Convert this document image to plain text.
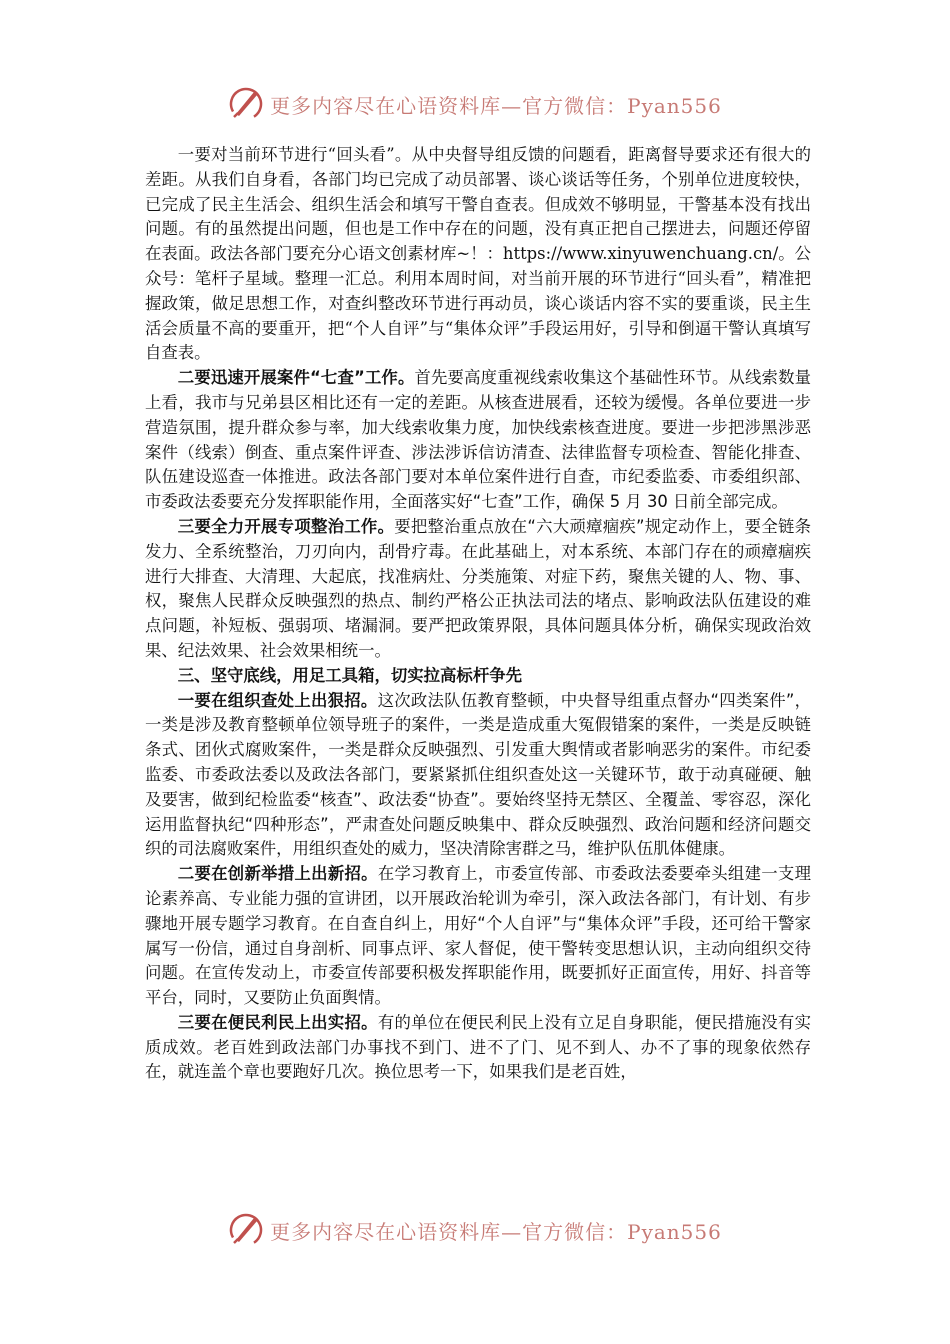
更多内容尽在心语资料库—官方微信：Pyan556

一要对当前环节进行“回头看”。从中央督导组反馈的问题看，距离督导要求还有很大的差距。从我们自身看，各部门均已完成了动员部署、谈心谈话等任务，个别单位进度较快，已完成了民主生活会、组织生活会和填写干警自查表。但成效不够明显，干警基本没有找出问题。有的虽然提出问题，但也是工作中存在的问题，没有真正把自己摆进去，问题还停留在表面。政法各部门要充分心语文创素材库~！：https://www.xinyuwenchuang.cn/。公众号：笔杆子星域。整理一汇总。利用本周时间，对当前开展的环节进行“回头看”，精准把握政策，做足思想工作，对查纠整改环节进行再动员，谈心谈话内容不实的要重谈，民主生活会质量不高的要重开，把“个人自评”与“集体众评”手段运用好，引导和倒逼干警认真填写自查表。

二要迅速开展案件“七查”工作。首先要高度重视线索收集这个基础性环节。从线索数量上看，我市与兄弟县区相比还有一定的差距。从核查进展看，还较为缓慢。各单位要进一步营造氛围，提升群众参与率，加大线索收集力度，加快线索核查进度。要进一步把涉黑涉恶案件（线索）倒查、重点案件评查、涉法涉诉信访清查、法律监督专项检查、智能化排查、队伍建设巡查一体推进。政法各部门要对本单位案件进行自查，市纪委监委、市委组织部、市委政法委要充分发挥职能作用，全面落实好“七查”工作，确保 5 月 30 日前全部完成。

三要全力开展专项整治工作。要把整治重点放在“六大顽瘴痼疾”规定动作上，要全链条发力、全系统整治，刀刃向内，刮骨疗毒。在此基础上，对本系统、本部门存在的顽瘴痼疾进行大排查、大清理、大起底，找准病灶、分类施策、对症下药，聚焦关键的人、物、事、权，聚焦人民群众反映强烈的热点、制约严格公正执法司法的堵点、影响政法队伍建设的难点问题，补短板、强弱项、堵漏洞。要严把政策界限，具体问题具体分析，确保实现政治效果、纪法效果、社会效果相统一。

三、坚守底线，用足工具箱，切实拉高标杆争先

一要在组织查处上出狠招。这次政法队伍教育整顿，中央督导组重点督办“四类案件”，一类是涉及教育整顿单位领导班子的案件，一类是造成重大冤假错案的案件，一类是反映链条式、团伙式腐败案件，一类是群众反映强烈、引发重大舆情或者影响恶劣的案件。市纪委监委、市委政法委以及政法各部门，要紧紧抓住组织查处这一关键环节，敢于动真碰硬、触及要害，做到纪检监委“核查”、政法委“协查”。要始终坚持无禁区、全覆盖、零容忍，深化运用监督执纪“四种形态”，严肃查处问题反映集中、群众反映强烈、政治问题和经济问题交织的司法腐败案件，用组织查处的威力，坚决清除害群之马，维护队伍肌体健康。

二要在创新举措上出新招。在学习教育上，市委宣传部、市委政法委要牵头组建一支理论素养高、专业能力强的宣讲团，以开展政治轮训为牵引，深入政法各部门，有计划、有步骤地开展专题学习教育。在自查自纠上，用好“个人自评”与“集体众评”手段，还可给干警家属写一份信，通过自身剖析、同事点评、家人督促，使干警转变思想认识，主动向组织交待问题。在宣传发动上，市委宣传部要积极发挥职能作用，既要抓好正面宣传，用好、抖音等平台，同时，又要防止负面舆情。

三要在便民利民上出实招。有的单位在便民利民上没有立足自身职能，便民措施没有实质成效。老百姓到政法部门办事找不到门、进不了门、见不到人、办不了事的现象依然存在，就连盖个章也要跑好几次。换位思考一下，如果我们是老百姓，

更多内容尽在心语资料库—官方微信：Pyan556
